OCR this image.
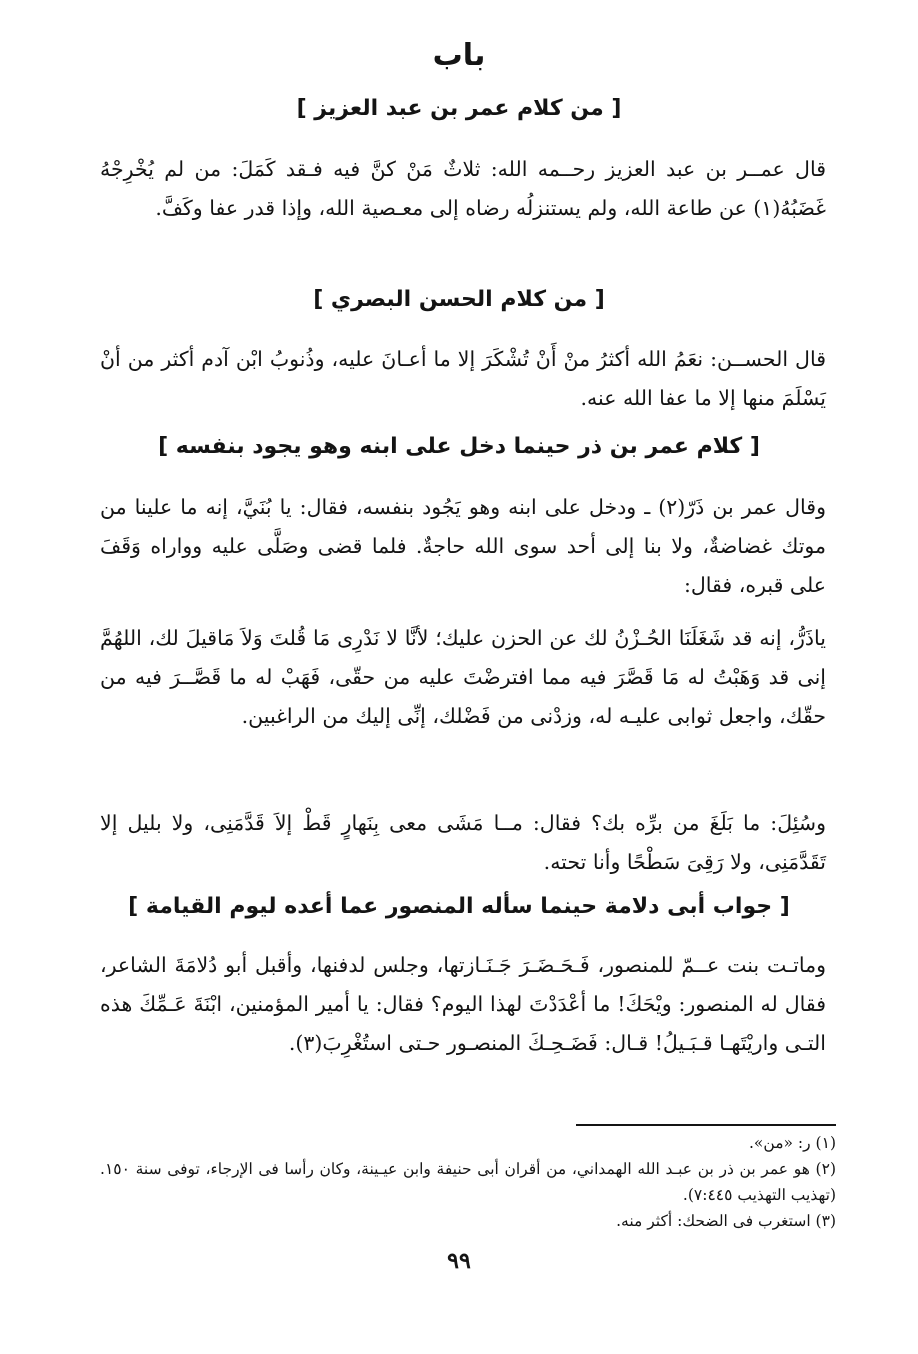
باب
[ من كلام عمر بن عبد العزيز ]

قال عمــر بن عبد العزيز رحــمه الله: ثلاثٌ مَنْ كنَّ فيه فـقد كَمَلَ: من لم يُخْرِجْهُ غَضَبُهُ(١) عن طاعة الله، ولم يستنزلُه رضاه إلى معـصية الله، وإذا قدر عفا وكَفَّ.

[ من كلام الحسن البصري ]

قال الحســن: نعَمُ الله أكثرُ منْ أَنْ تُشْكَرَ إلا ما أعـانَ عليه، وذُنوبُ ابْن آدم أكثر من أنْ يَسْلَمَ منها إلا ما عفا الله عنه.

[ كلام عمر بن ذر حينما دخل على ابنه وهو يجود بنفسه ]

وقال عمر بن ذَرّ(٢) ـ ودخل على ابنه وهو يَجُود بنفسه، فقال: يا بُنَيَّ، إنه ما علينا من موتك غضاضةٌ، ولا بنا إلى أحد سوى الله حاجةٌ. فلما قضى وصَلَّى عليه وواراه وَقَفَ على قبره، فقال:

ياذَرُّ، إنه قد شَغَلَنَا الحُـزْنُ لك عن الحزن عليك؛ لأنَّا لا نَدْرِى مَا قُلتَ وَلاَ مَاقيلَ لك، اللهُمَّ إنى قد وَهَبْتُ له مَا قَصَّرَ فيه مما افترضْتَ عليه من حقّى، فَهَبْ له ما قَصَّــرَ فيه من حقّك، واجعل ثوابى عليـه له، وزدْنى من فَضْلك، إنِّى إليك من الراغبين.

وسُئِلَ: ما بَلَغَ من برِّه بك؟ فقال: مــا مَشَى معى بِنَهارٍ قَطْ إلاَ قَدَّمَنِى، ولا بليل إلا تَقَدَّمَنِى، ولا رَقِىَ سَطْحًا وأنا تحته.

[ جواب أبى دلامة حينما سأله المنصور عما أعده ليوم القيامة ]

وماتـت بنت عــمّ للمنصور، فَـحَـضَـرَ جَـنَـازتها، وجلس لدفنها، وأقبل أبو دُلامَةَ الشاعر، فقال له المنصور: ويْحَكَ! ما أعْدَدْتَ لهذا اليوم؟ فقال: يا أمير المؤمنين، ابْنَةَ عَـمِّكَ هذه التـى واريْتَهـا قـبَـيلُ! قـال: فَضَـحِـكَ المنصـور حـتى استُغْرِبَ(٣).

(١) ر: «من».
(٢) هو عمر بن ذر بن عبـد الله الهمداني، من أقران أبى حنيفة وابن عيـينة، وكان رأسا فى الإرجاء، توفى سنة ١٥٠. (تهذيب التهذيب ٧:٤٤٥).
(٣) استغرب فى الضحك: أكثر منه.
٩٩
